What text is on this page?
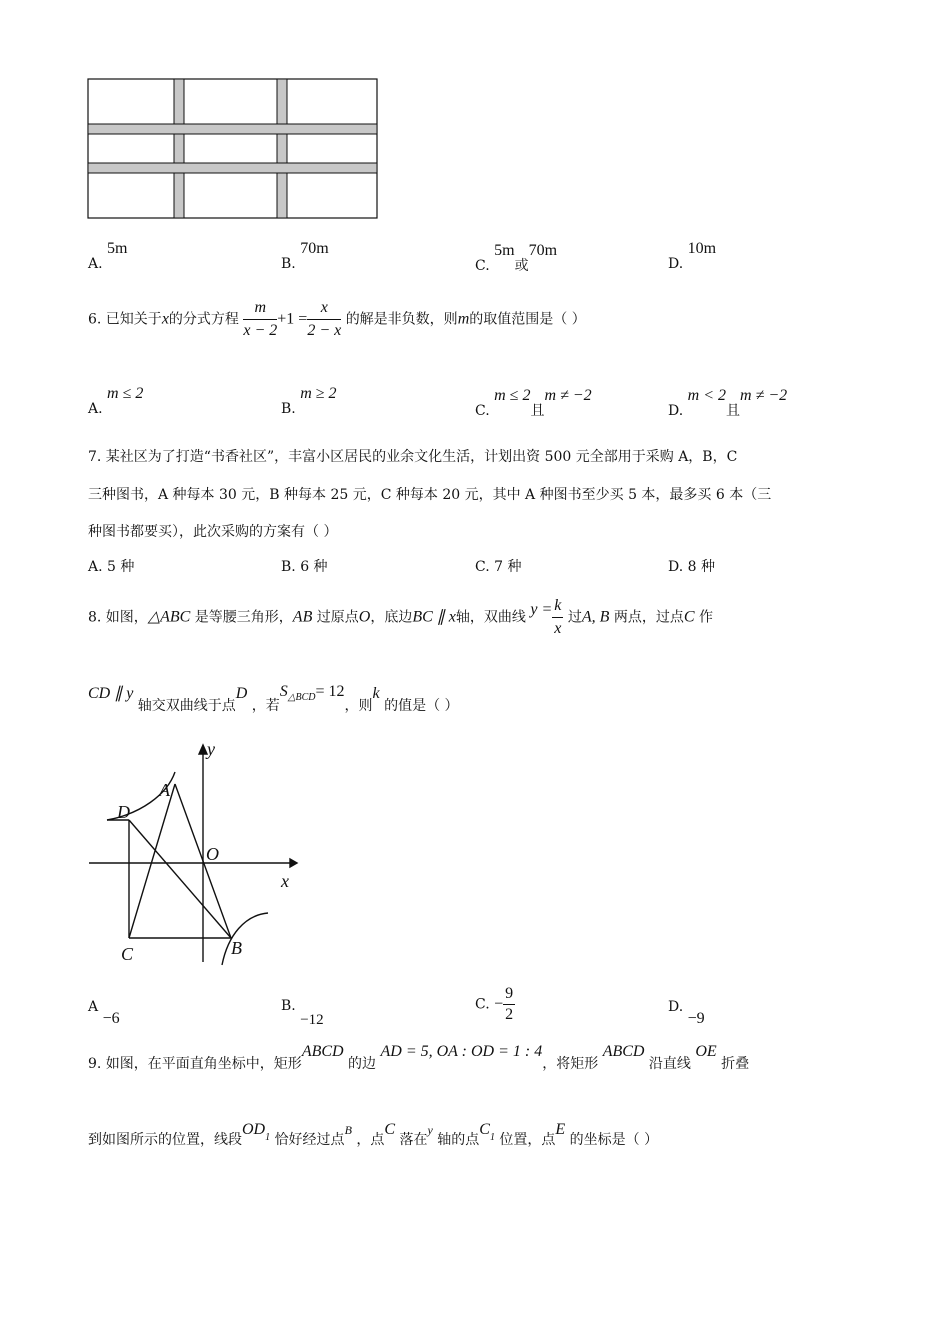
A. 5m
B. 70m
C. 5m或70m
D. 10m
6. 已知关于x的分式方程 $\frac{m}{x - 2} +1 = \frac{x}{2 - x}$ 的解是非负数，则m的取值范围是（ ）
A. m ≤ 2
B. m ≥ 2
C. m ≤ 2且m ≠ −2
D. m < 2且m ≠ −2
7. 某社区为了打造“书香社区”，丰富小区居民的业余文化生活，计划出资 500 元全部用于采购 A，B，C
三种图书，A 种每本 30 元，B 种每本 25 元，C 种每本 20 元，其中 A 种图书至少买 5 本，最多买 6 本（三
种图书都要买），此次采购的方案有（ ）
A. 5 种	B. 6 种	C. 7 种	D. 8 种
8. 如图，△ABC 是等腰三角形，AB 过原点O，底边BC ∥ x轴，双曲线 $y = \frac{k}{x}$ 过A, B 两点，过点C 作
CD ∥ y 轴交双曲线于点D ，若$S^{\triangle BCD}= 12$，则k 的值是（ ）
y
x
O
A
B
C
D
A −6
B. −12
C. − $\frac{9}{2}$	D. −9
9. 如图，在平面直角坐标中，矩形ABCD 的边 AD = 5, OA : OD = 1 : 4，将矩形 ABCD 沿直线 OE 折叠
到如图所示的位置，线段$OD_1$ 恰好经过点B ，点C 落在y 轴的点$C_1$ 位置，点E 的坐标是（ ）
